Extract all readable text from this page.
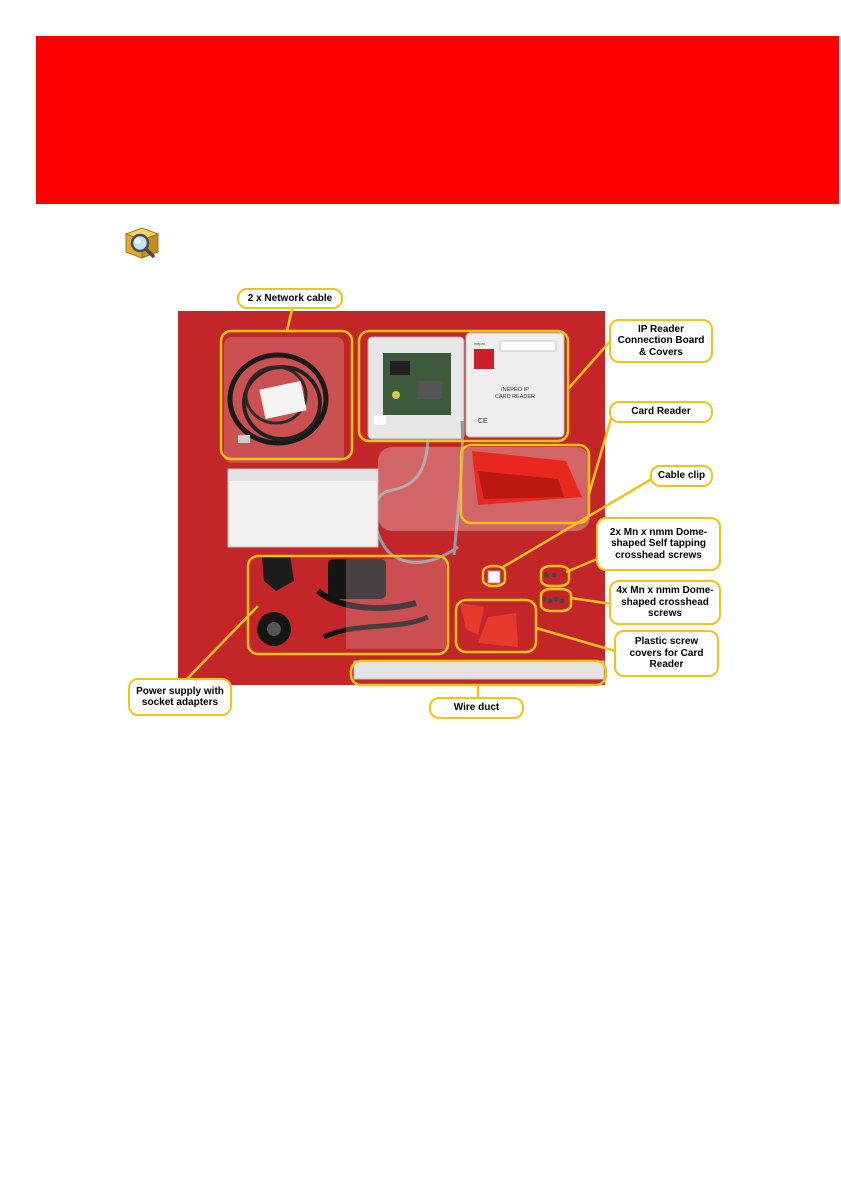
inepro
INEPRO IP
CARD READER
CE
2 x Network cable
IP Reader Connection Board & Covers
Card Reader
Cable clip
2x Mn x nmm Dome-shaped Self tapping crosshead screws
4x Mn x nmm Dome-shaped crosshead screws
Plastic screw covers for Card Reader
Power supply with socket adapters	Wire duct
